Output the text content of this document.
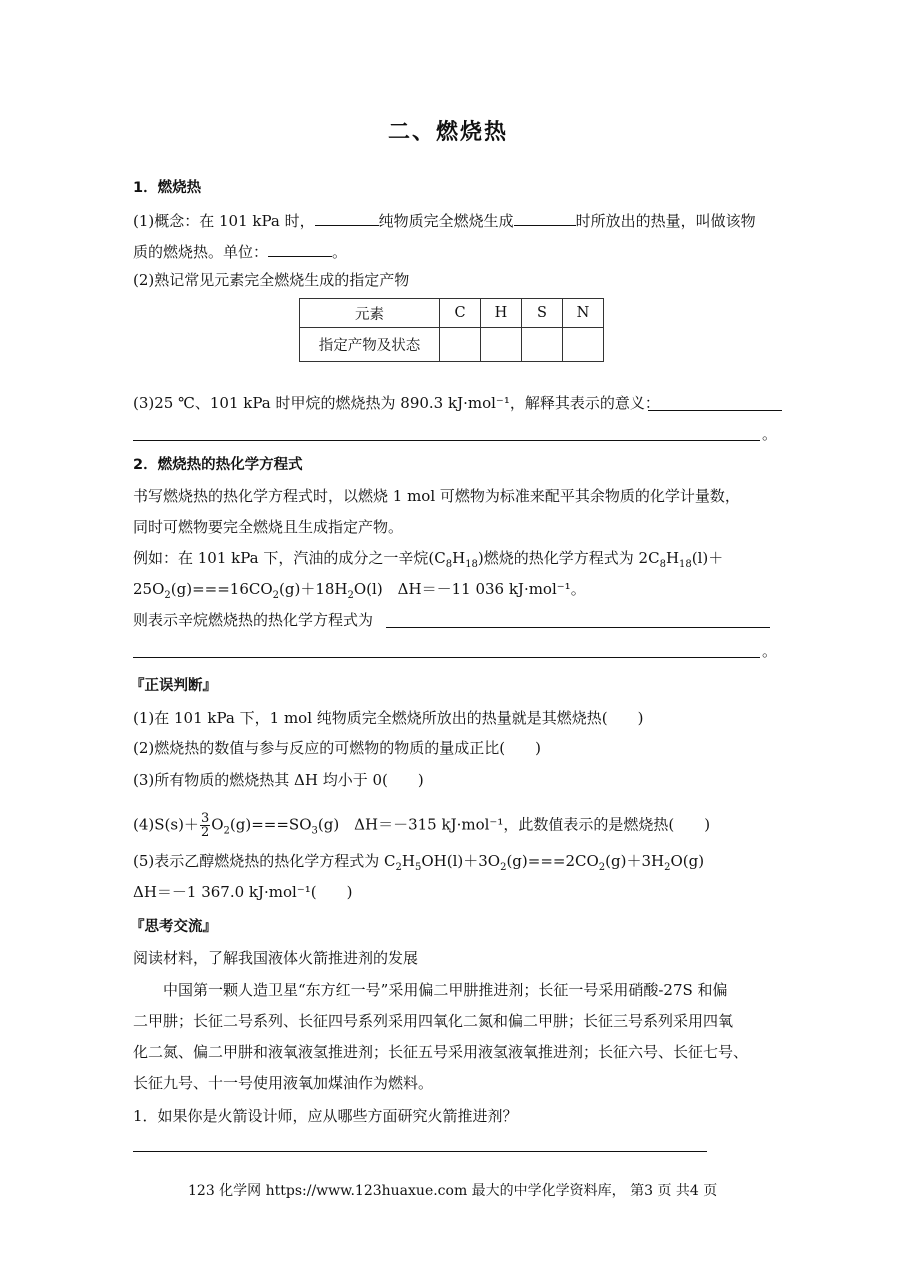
二、燃烧热
1．燃烧热
(1)概念：在 101 kPa 时，	纯物质完全燃烧生成	时所放出的热量，叫做该物
质的燃烧热。单位：	。
(2)熟记常见元素完全燃烧生成的指定产物
元素	C	H	S	N
指定产物及状态				
(3)25 ℃、101 kPa 时甲烷的燃烧热为 890.3 kJ·mol⁻¹，解释其表示的意义：
。
2．燃烧热的热化学方程式
书写燃烧热的热化学方程式时，以燃烧 1 mol 可燃物为标准来配平其余物质的化学计量数，
同时可燃物要完全燃烧且生成指定产物。
例如：在 101 kPa 下，汽油的成分之一辛烷$(C_8H_{18})$燃烧的热化学方程式为 $2C_8H_{18}(l)+$
$25O_2(g)===16CO_2(g)+18H_2O(l)$　ΔH＝－11 036 kJ·mol⁻¹。
则表示辛烷燃烧热的热化学方程式为
。
『正误判断』
(1)在 101 kPa 下，1 mol 纯物质完全燃烧所放出的热量就是其燃烧热(　　)
(2)燃烧热的数值与参与反应的可燃物的物质的量成正比(　　)
(3)所有物质的燃烧热其 ΔH 均小于 0(　　)
$(4)S(s)+ \frac{3}{2} O_2(g)===SO_3(g)$　ΔH＝－315 kJ·mol⁻¹，此数值表示的是燃烧热(　　)
(5)表示乙醇燃烧热的热化学方程式为 $C_2H_5OH(l)+3O_2(g)===2CO_2(g)+3H_2O(g)$
ΔH＝－1 367.0 kJ·mol⁻¹(　　)
『思考交流』
阅读材料，了解我国液体火箭推进剂的发展
中国第一颗人造卫星“东方红一号”采用偏二甲肼推进剂；长征一号采用硝酸-27S 和偏
二甲肼；长征二号系列、长征四号系列采用四氧化二氮和偏二甲肼；长征三号系列采用四氧
化二氮、偏二甲肼和液氧液氢推进剂；长征五号采用液氢液氧推进剂；长征六号、长征七号、
长征九号、十一号使用液氧加煤油作为燃料。
1．如果你是火箭设计师，应从哪些方面研究火箭推进剂？
123 化学网 https://www.123huaxue.com 最大的中学化学资料库， 第3 页 共4 页
